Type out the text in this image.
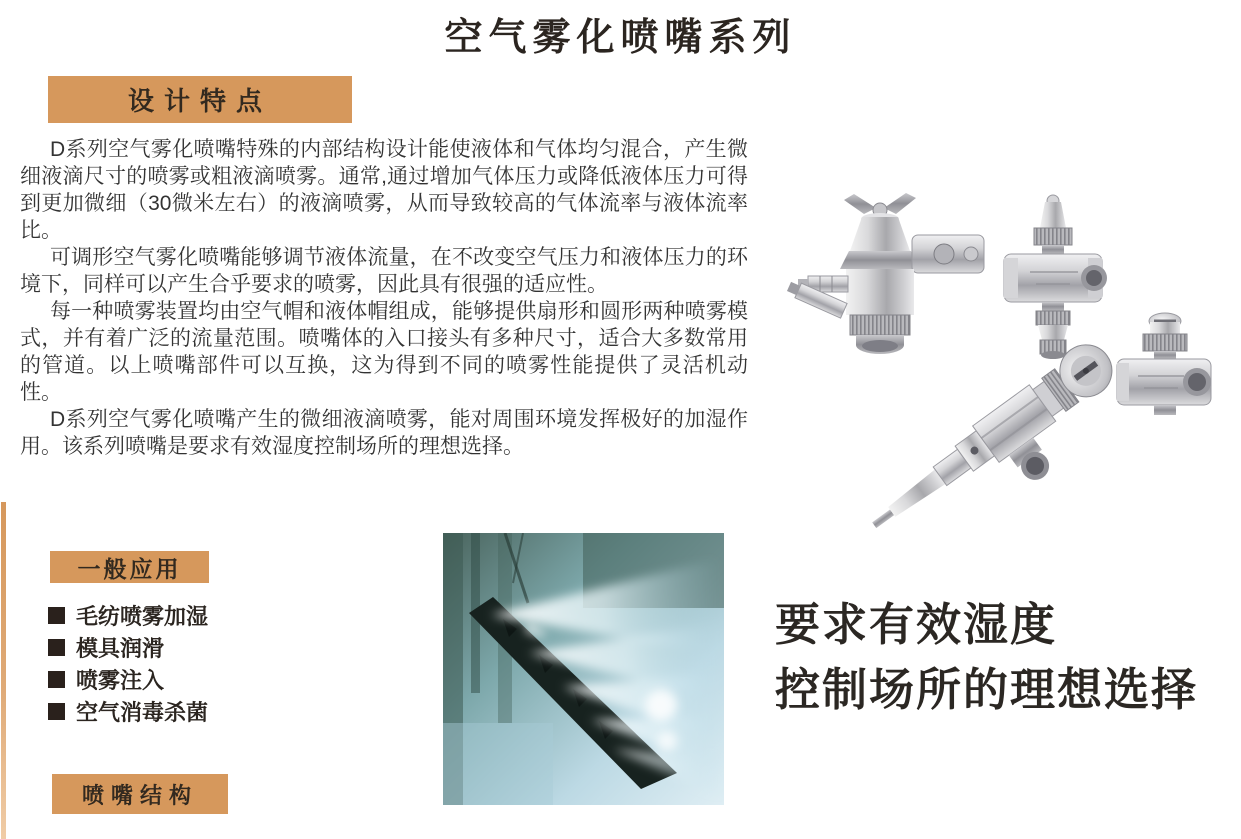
空气雾化喷嘴系列
设计特点

D系列空气雾化喷嘴特殊的内部结构设计能使液体和气体均匀混合，产生微细液滴尺寸的喷雾或粗液滴喷雾。通常,通过增加气体压力或降低液体压力可得到更加微细（30微米左右）的液滴喷雾，从而导致较高的气体流率与液体流率比。

可调形空气雾化喷嘴能够调节液体流量，在不改变空气压力和液体压力的环境下，同样可以产生合乎要求的喷雾，因此具有很强的适应性。

每一种喷雾装置均由空气帽和液体帽组成，能够提供扇形和圆形两种喷雾模式，并有着广泛的流量范围。喷嘴体的入口接头有多种尺寸，适合大多数常用的管道。以上喷嘴部件可以互换，这为得到不同的喷雾性能提供了灵活机动性。

D系列空气雾化喷嘴产生的微细液滴喷雾，能对周围环境发挥极好的加湿作用。该系列喷嘴是要求有效湿度控制场所的理想选择。

一般应用
毛纺喷雾加湿
模具润滑
喷雾注入
空气消毒杀菌
要求有效湿度
控制场所的理想选择
喷嘴结构
